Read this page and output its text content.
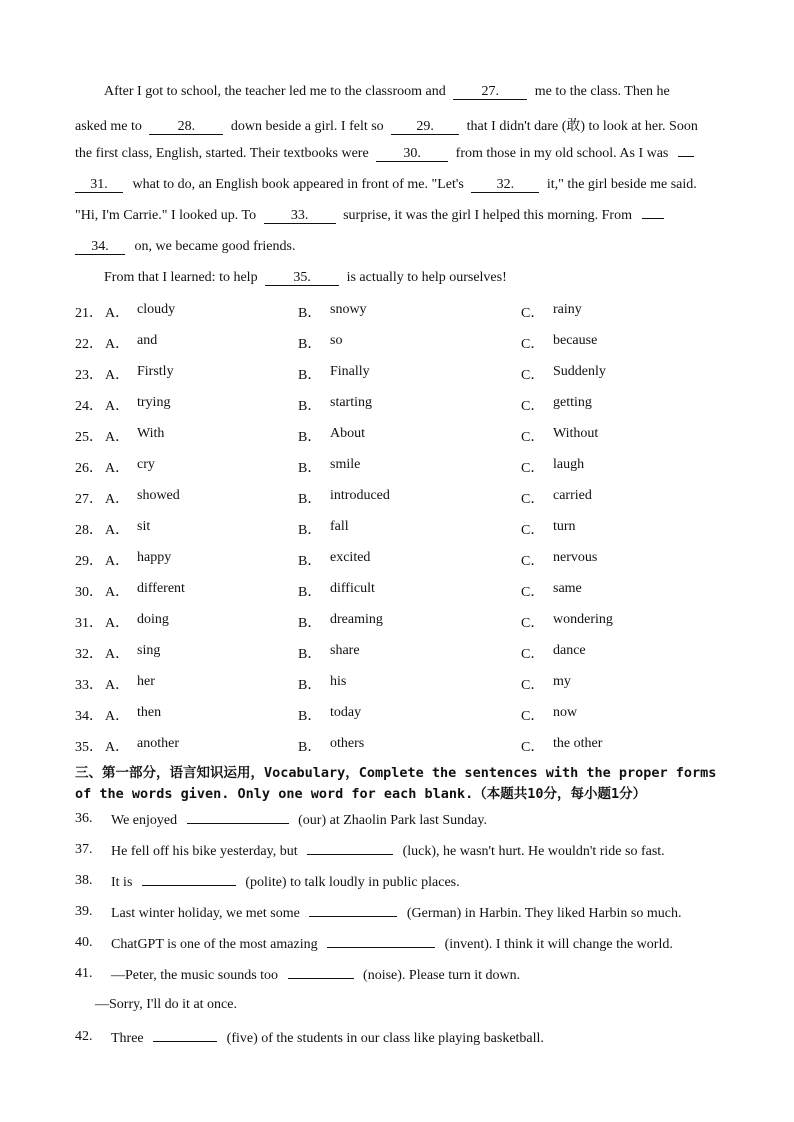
After I got to school, the teacher led me to the classroom and	27.	me to the class. Then he
asked me to	28.	down beside a girl. I felt so 29. that I didn't dare (敢) to look at her. Soon
the first class, English, started. Their textbooks were 30. from those in my old school. As I was
31. what to do, an English book appeared in front of me. "Let's 32. it," the girl beside me said.
"Hi, I'm Carrie." I looked up. To 33. surprise, it was the girl I helped this morning. From
34. on, we became good friends.
From that I learned: to help	35.	is actually to help ourselves!
21． A． cloudy	B． snowy	C． rainy
22． A． and	B． so	C． because
23． A． Firstly	B． Finally	C． Suddenly
24． A． trying	B． starting	C． getting
25． A． With	B． About	C． Without
26． A． cry	B． smile	C． laugh
27． A． showed	B． introduced	C． carried
28． A． sit	B． fall	C． turn
29． A． happy	B． excited	C． nervous
30． A． different	B． difficult	C． same
31． A． doing	B． dreaming	C． wondering
32． A． sing	B． share	C． dance
33． A． her	B． his	C． my
34． A． then	B． today	C． now
35． A． another	B． others	C． the other
三、第一部分，语言知识运用，Vocabulary，Complete the sentences with the proper forms of the words given. Only one word for each blank.（本题共10分，每小题1分）
36. We enjoyed	(our) at Zhaolin Park last Sunday.
37. He fell off his bike yesterday, but	(luck), he wasn't hurt. He wouldn't ride so fast.
38. It is	(polite) to talk loudly in public places.
39. Last winter holiday, we met some	(German) in Harbin. They liked Harbin so much.
40. ChatGPT is one of the most amazing	(invent). I think it will change the world.
41. —Peter, the music sounds too	(noise). Please turn it down.
—Sorry, I'll do it at once.
42. Three	(five) of the students in our class like playing basketball.
